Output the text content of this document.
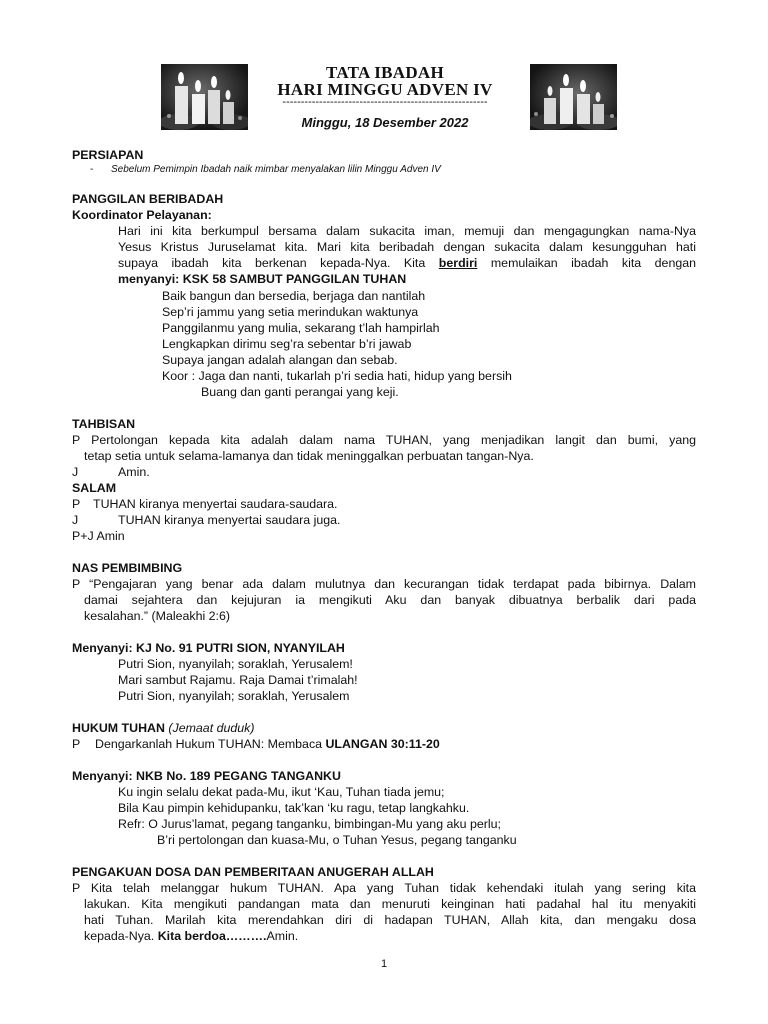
TATA IBADAH
HARI MINGGU ADVEN IV
--------------------------------------------------------
Minggu, 18 Desember 2022
PERSIAPAN
- Sebelum Pemimpin Ibadah naik mimbar menyalakan lilin Minggu Adven IV
PANGGILAN BERIBADAH
Koordinator Pelayanan:
Hari ini kita berkumpul bersama dalam sukacita iman, memuji dan mengagungkan nama-Nya
Yesus Kristus Juruselamat kita. Mari kita beribadah dengan sukacita dalam kesungguhan hati
supaya ibadah kita berkenan kepada-Nya. Kita berdiri memulaikan ibadah kita dengan
menyanyi: KSK 58 SAMBUT PANGGILAN TUHAN
Baik bangun dan bersedia, berjaga dan nantilah
Sep’ri jammu yang setia merindukan waktunya
Panggilanmu yang mulia, sekarang t’lah hampirlah
Lengkapkan dirimu seg’ra sebentar b’ri jawab
Supaya jangan adalah alangan dan sebab.
Koor : Jaga dan nanti, tukarlah p’ri sedia hati, hidup yang bersih
Buang dan ganti perangai yang keji.
TAHBISAN
P Pertolongan kepada kita adalah dalam nama TUHAN, yang menjadikan langit dan bumi, yang
tetap setia untuk selama-lamanya dan tidak meninggalkan perbuatan tangan-Nya.
J	Amin.
SALAM
P TUHAN kiranya menyertai saudara-saudara.
J	TUHAN kiranya menyertai saudara juga.
P+J Amin
NAS PEMBIMBING
P “Pengajaran yang benar ada dalam mulutnya dan kecurangan tidak terdapat pada bibirnya. Dalam
damai sejahtera dan kejujuran ia mengikuti Aku dan banyak dibuatnya berbalik dari pada
kesalahan.” (Maleakhi 2:6)
Menyanyi: KJ No. 91 PUTRI SION, NYANYILAH
Putri Sion, nyanyilah; soraklah, Yerusalem!
Mari sambut Rajamu. Raja Damai t’rimalah!
Putri Sion, nyanyilah; soraklah, Yerusalem
HUKUM TUHAN (Jemaat duduk)
P Dengarkanlah Hukum TUHAN: Membaca ULANGAN 30:11-20
Menyanyi: NKB No. 189 PEGANG TANGANKU
Ku ingin selalu dekat pada-Mu, ikut ‘Kau, Tuhan tiada jemu;
Bila Kau pimpin kehidupanku, tak’kan ‘ku ragu, tetap langkahku.
Refr: O Jurus’lamat, pegang tanganku, bimbingan-Mu yang aku perlu;
B’ri pertolongan dan kuasa-Mu, o Tuhan Yesus, pegang tanganku
PENGAKUAN DOSA DAN PEMBERITAAN ANUGERAH ALLAH
P Kita telah melanggar hukum TUHAN. Apa yang Tuhan tidak kehendaki itulah yang sering kita
lakukan. Kita mengikuti pandangan mata dan menuruti keinginan hati padahal hal itu menyakiti
hati Tuhan. Marilah kita merendahkan diri di hadapan TUHAN, Allah kita, dan mengaku dosa
kepada-Nya. Kita berdoa……….Amin.
1
